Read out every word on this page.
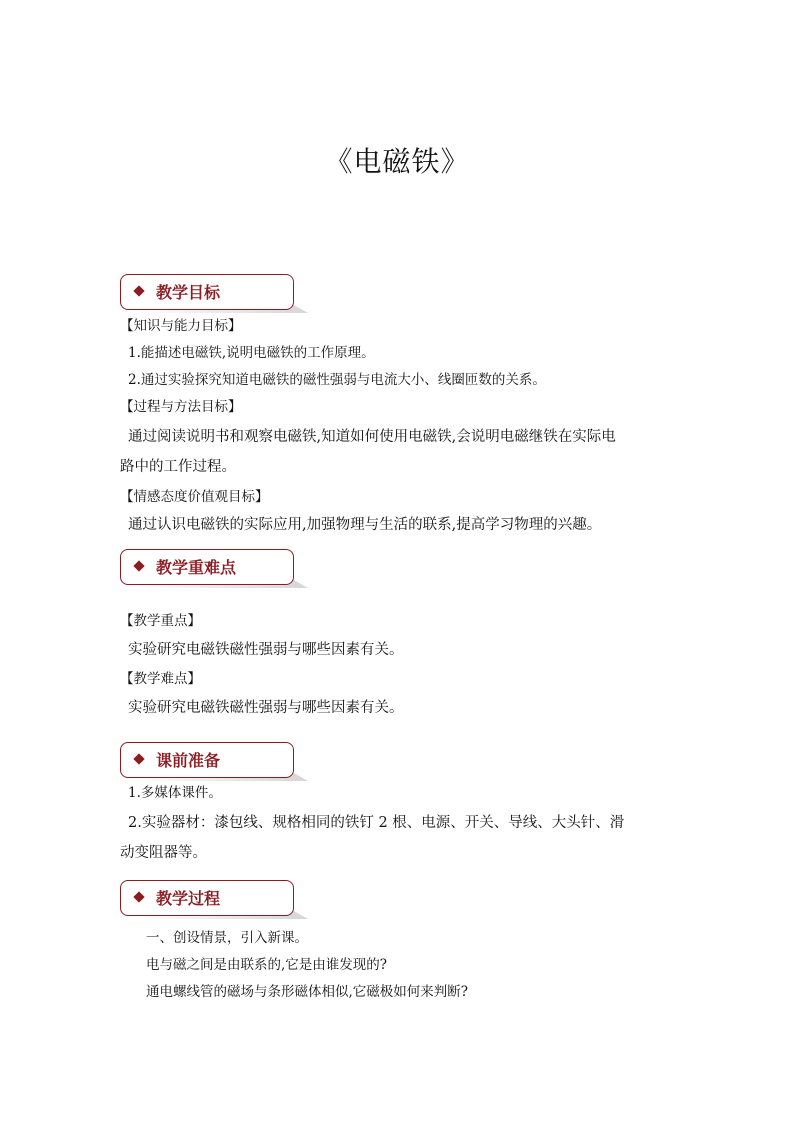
《电磁铁》
教学目标
【知识与能力目标】
1.能描述电磁铁,说明电磁铁的工作原理。
2.通过实验探究知道电磁铁的磁性强弱与电流大小、线圈匝数的关系。
【过程与方法目标】
通过阅读说明书和观察电磁铁,知道如何使用电磁铁,会说明电磁继铁在实际电
路中的工作过程。
【情感态度价值观目标】
通过认识电磁铁的实际应用,加强物理与生活的联系,提高学习物理的兴趣。
教学重难点
【教学重点】
实验研究电磁铁磁性强弱与哪些因素有关。
【教学难点】
实验研究电磁铁磁性强弱与哪些因素有关。
课前准备
1.多媒体课件。
2.实验器材：漆包线、规格相同的铁钉 2 根、电源、开关、导线、大头针、滑
动变阻器等。
教学过程
一、创设情景，引入新课。
电与磁之间是由联系的,它是由谁发现的?
通电螺线管的磁场与条形磁体相似,它磁极如何来判断?
